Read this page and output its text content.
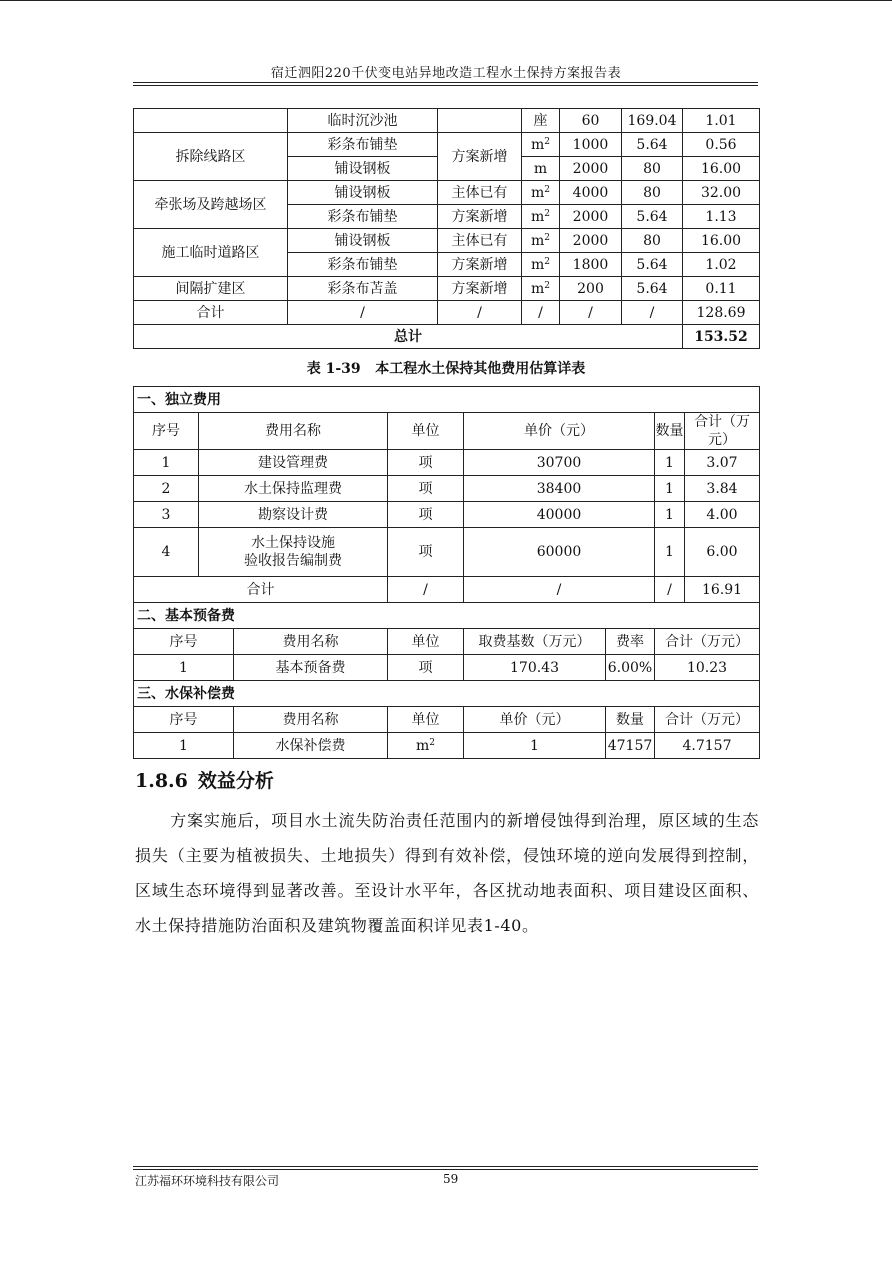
宿迁泗阳220千伏变电站异地改造工程水土保持方案报告表
	临时沉沙池		座	60	169.04	1.01
拆除线路区	彩条布铺垫	方案新增	$m^2$	1000	5.64	0.56
	铺设钢板		m	2000	80	16.00
牵张场及跨越场区	铺设钢板	主体已有	$m^2$	4000	80	32.00
	彩条布铺垫	方案新增	$m^2$	2000	5.64	1.13
施工临时道路区	铺设钢板	主体已有	$m^2$	2000	80	16.00
	彩条布铺垫	方案新增	$m^2$	1800	5.64	1.02
间隔扩建区	彩条布苫盖	方案新增	$m^2$	200	5.64	0.11
合计	/	/	/	/	/	128.69
总计						153.52
表 1-39 本工程水土保持其他费用估算详表
一、独立费用							
序号	费用名称		单位	单价（元）		数量	合计（万元）
1	建设管理费		项	30700		1	3.07
2	水土保持监理费		项	38400		1	3.84
3	勘察设计费		项	40000		1	4.00
4	水土保持设施
验收报告编制费		项	60000		1	6.00
合计			/	/		/	16.91
二、基本预备费							
序号		费用名称	单位	取费基数（万元）	费率	合计（万元）	
1		基本预备费	项	170.43	6.00%	10.23	
三、水保补偿费							
序号		费用名称	单位	单价（元）	数量	合计（万元）	
1		水保补偿费	$m^2$	1	47157	4.7157	
1.8.6 效益分析

方案实施后，项目水土流失防治责任范围内的新增侵蚀得到治理，原区域的生态损失（主要为植被损失、土地损失）得到有效补偿，侵蚀环境的逆向发展得到控制，区域生态环境得到显著改善。至设计水平年，各区扰动地表面积、项目建设区面积、水土保持措施防治面积及建筑物覆盖面积详见表1-40。

江苏福环环境科技有限公司	59
